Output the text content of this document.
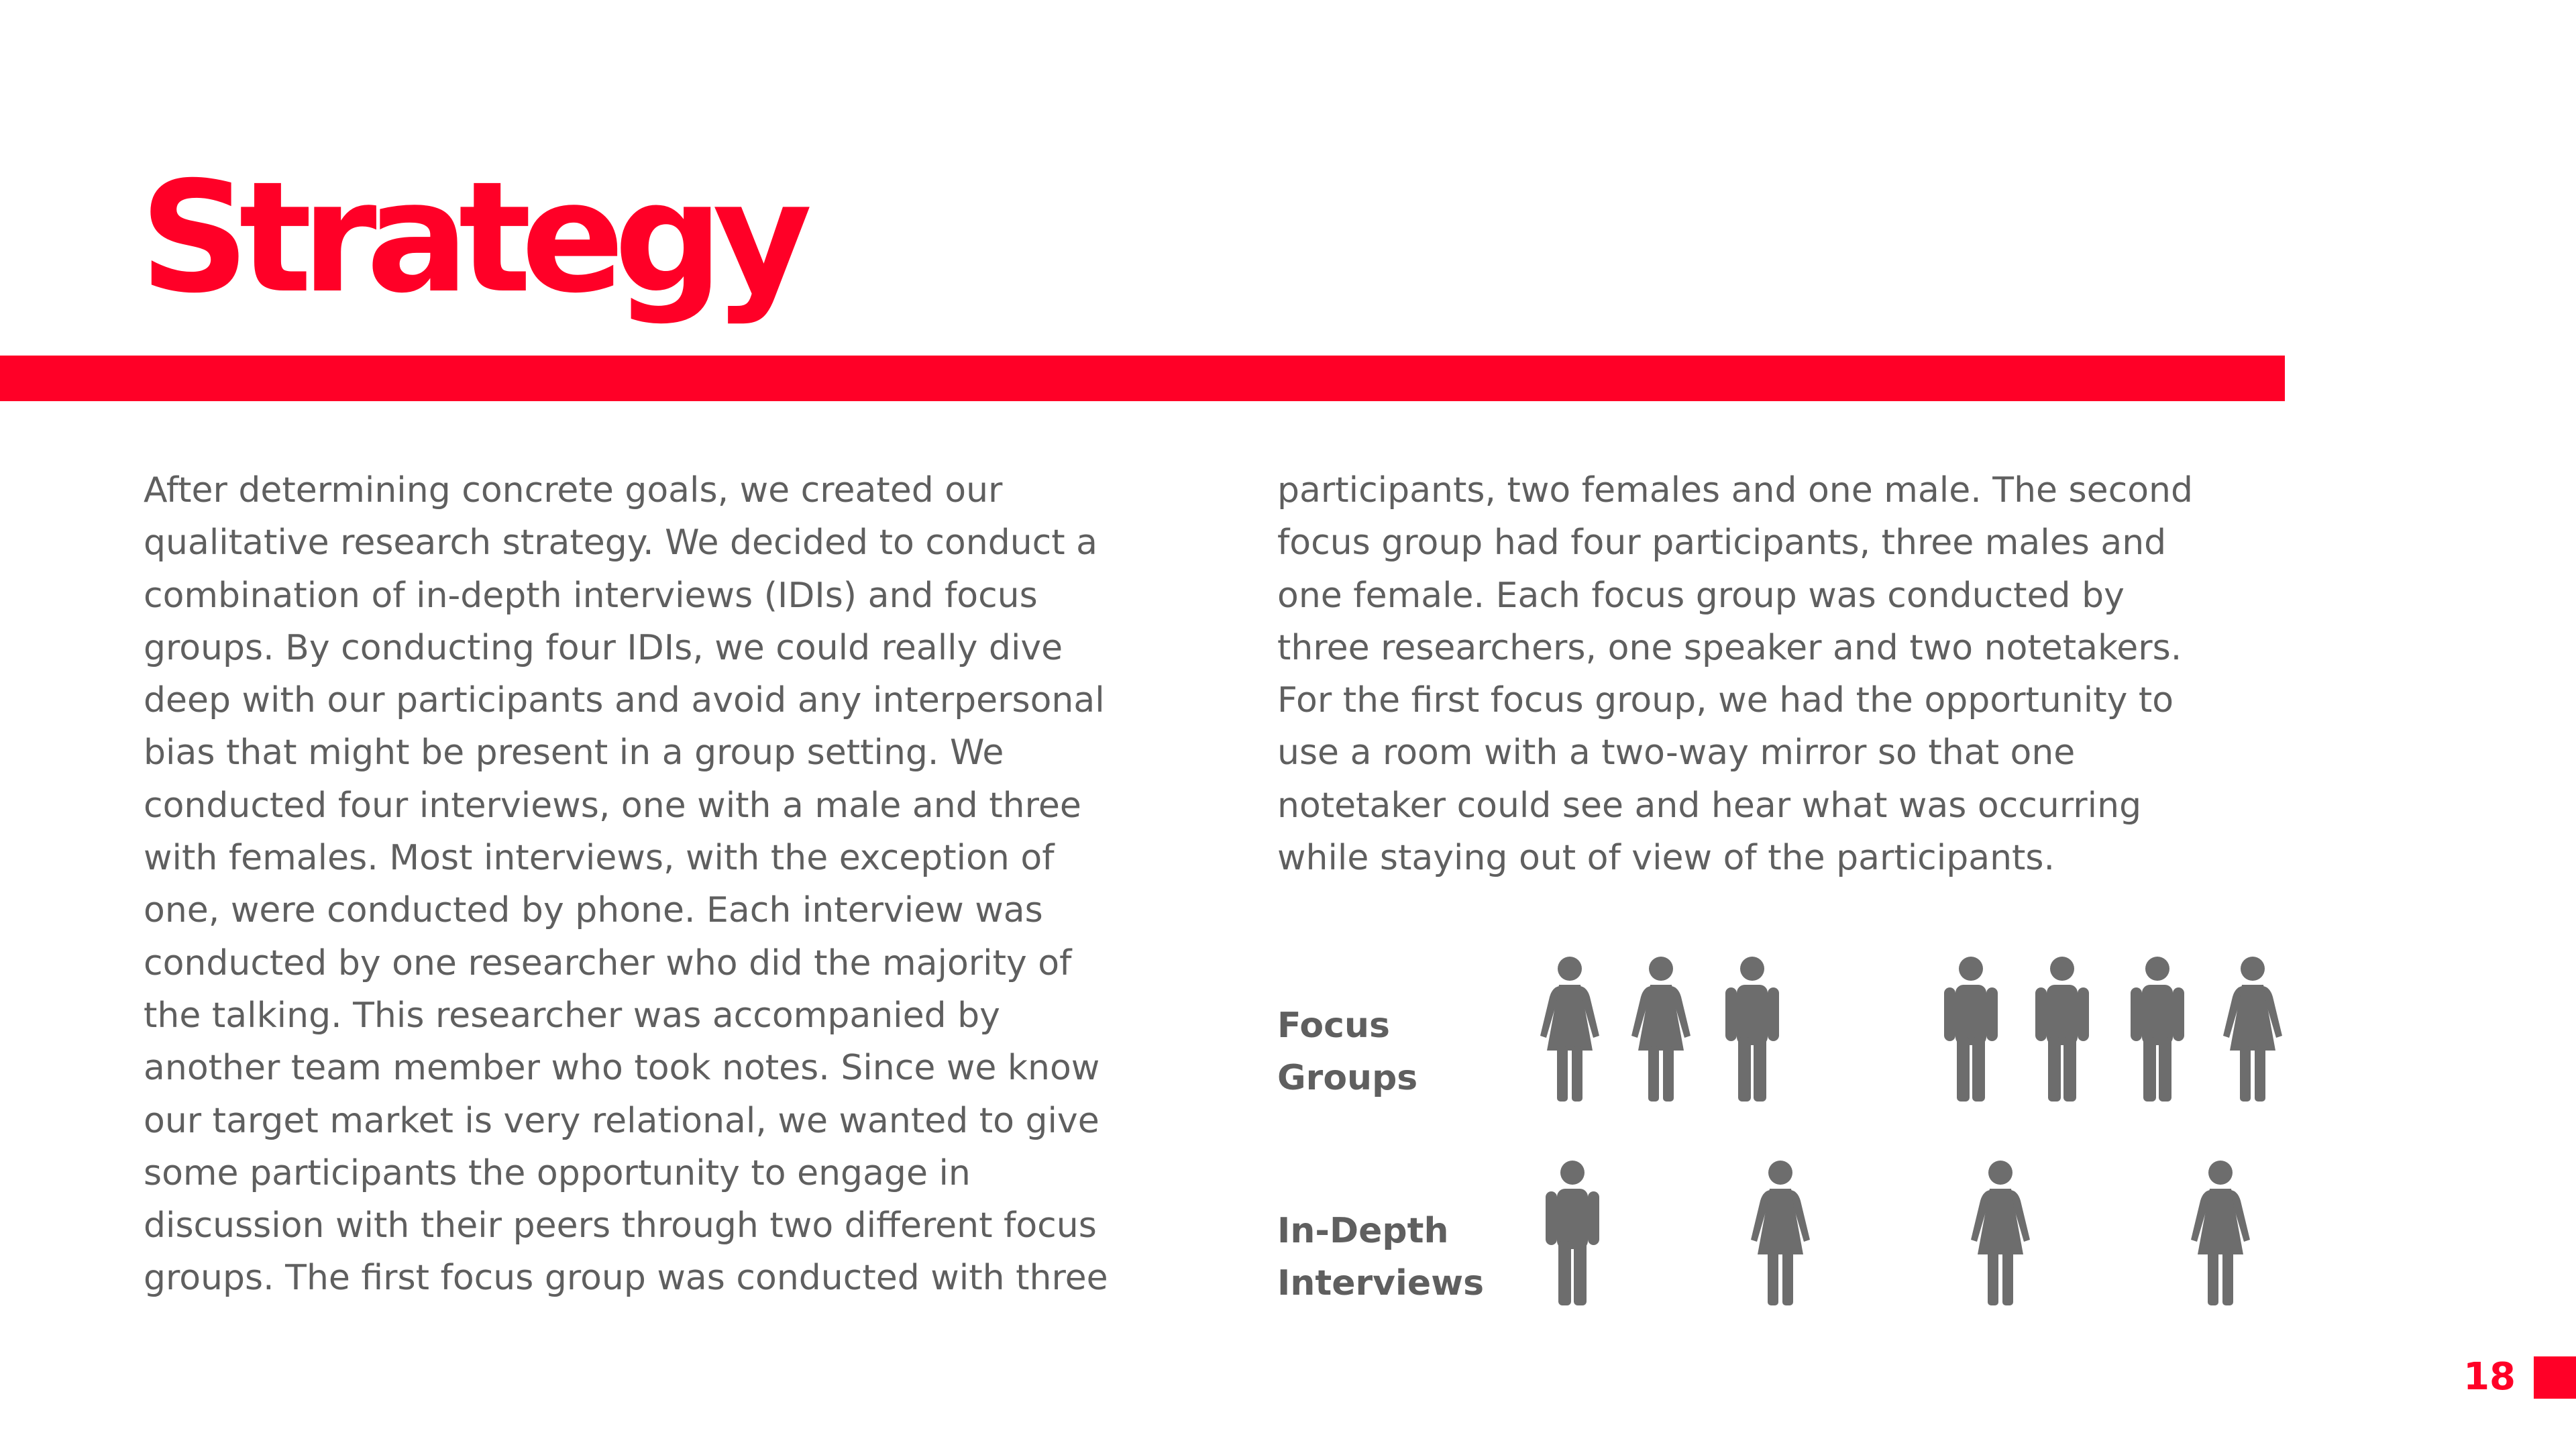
Strategy

After determining concrete goals, we created our
qualitative research strategy. We decided to conduct a
combination of in-depth interviews (IDIs) and focus
groups. By conducting four IDIs, we could really dive
deep with our participants and avoid any interpersonal
bias that might be present in a group setting. We
conducted four interviews, one with a male and three
with females. Most interviews, with the exception of
one, were conducted by phone. Each interview was
conducted by one researcher who did the majority of
the talking. This researcher was accompanied by
another team member who took notes. Since we know
our target market is very relational, we wanted to give
some participants the opportunity to engage in
discussion with their peers through two different focus
groups. The first focus group was conducted with three

participants, two females and one male. The second
focus group had four participants, three males and
one female. Each focus group was conducted by
three researchers, one speaker and two notetakers.
For the first focus group, we had the opportunity to
use a room with a two-way mirror so that one
notetaker could see and hear what was occurring
while staying out of view of the participants.

Focus
Groups

In-Depth
Interviews

18
